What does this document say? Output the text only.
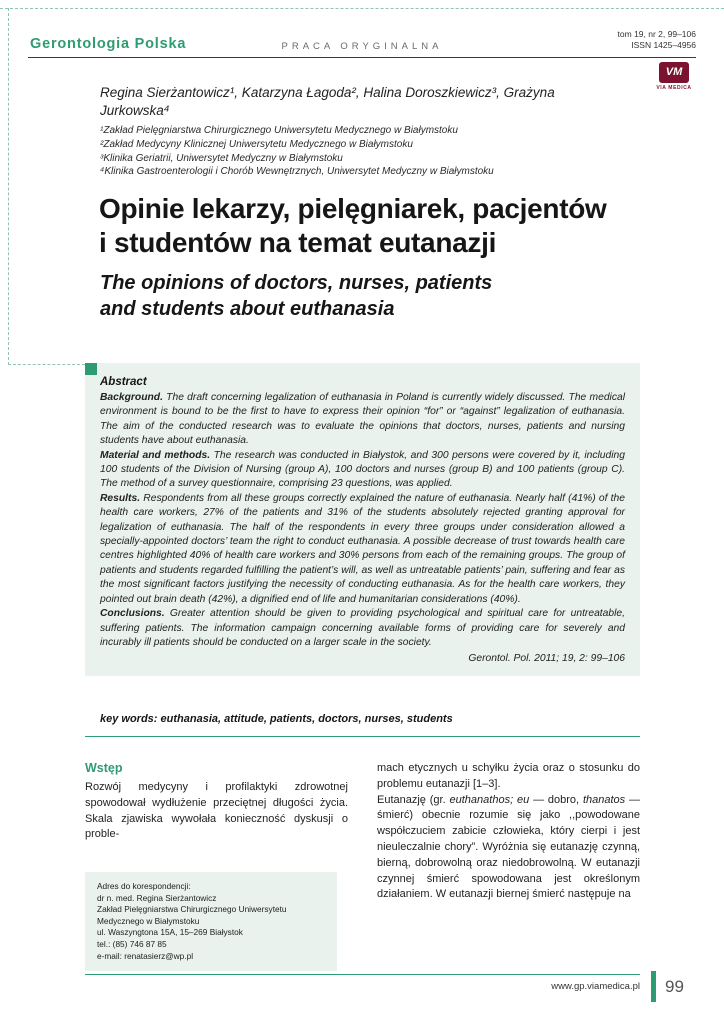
Gerontologia Polska	PRACA ORYGINALNA
tom 19, nr 2, 99–106
ISSN 1425–4956
VM
VIA MEDICA
Regina Sierżantowicz¹, Katarzyna Łagoda², Halina Doroszkiewicz³, Grażyna Jurkowska⁴
¹Zakład Pielęgniarstwa Chirurgicznego Uniwersytetu Medycznego w Białymstoku
²Zakład Medycyny Klinicznej Uniwersytetu Medycznego w Białymstoku
³Klinika Geriatrii, Uniwersytet Medyczny w Białymstoku
⁴Klinika Gastroenterologii i Chorób Wewnętrznych, Uniwersytet Medyczny w Białymstoku
Opinie lekarzy, pielęgniarek, pacjentów i studentów na temat eutanazji
The opinions of doctors, nurses, patients and students about euthanasia
Abstract

Background. The draft concerning legalization of euthanasia in Poland is currently widely discussed. The medical environment is bound to be the first to have to express their opinion “for” or “against” legalization of euthanasia. The aim of the conducted research was to evaluate the opinions that doctors, nurses, patients and nursing students have about euthanasia.

Material and methods. The research was conducted in Białystok, and 300 persons were covered by it, including 100 students of the Division of Nursing (group A), 100 doctors and nurses (group B) and 100 patients (group C). The method of a survey questionnaire, comprising 23 questions, was applied.

Results. Respondents from all these groups correctly explained the nature of euthanasia. Nearly half (41%) of the health care workers, 27% of the patients and 31% of the students absolutely rejected granting approval for legalization of euthanasia. The half of the respondents in every three groups under consideration allowed a specially-appointed doctors’ team the right to conduct euthanasia. A possible decrease of trust towards health care centres highlighted 40% of health care workers and 30% persons from each of the remaining groups. The group of patients and students regarded fulfilling the patient’s will, as well as untreatable patients’ pain, suffering and fear as the most significant factors justifying the necessity of conducting euthanasia. As for the health care workers, they pointed out brain death (42%), a dignified end of life and humanitarian considerations (40%).

Conclusions. Greater attention should be given to providing psychological and spiritual care for untreatable, suffering patients. The information campaign concerning available forms of providing care for severely and incurably ill patients should be conducted on a larger scale in the society.

Gerontol. Pol. 2011; 19, 2: 99–106

key words: euthanasia, attitude, patients, doctors, nurses, students
Wstęp

Rozwój medycyny i profilaktyki zdrowotnej spowodował wydłużenie przeciętnej długości życia. Skala zjawiska wywołała konieczność dyskusji o proble-

mach etycznych u schyłku życia oraz o stosunku do problemu eutanazji [1–3].

Eutanazję (gr. euthanathos; eu — dobro, thanatos — śmierć) obecnie rozumie się jako ,,powodowane współczuciem zabicie człowieka, który cierpi i jest nieuleczalnie chory”. Wyróżnia się eutanazję czynną, bierną, dobrowolną oraz niedobrowolną. W eutanazji czynnej śmierć spowodowana jest określonym działaniem. W eutanazji biernej śmierć następuje na

Adres do korespondencji:
dr n. med. Regina Sierżantowicz
Zakład Pielęgniarstwa Chirurgicznego Uniwersytetu
Medycznego w Białymstoku
ul. Waszyngtona 15A, 15–269 Białystok
tel.: (85) 746 87 85
e-mail: renatasierz@wp.pl
www.gp.viamedica.pl 99
